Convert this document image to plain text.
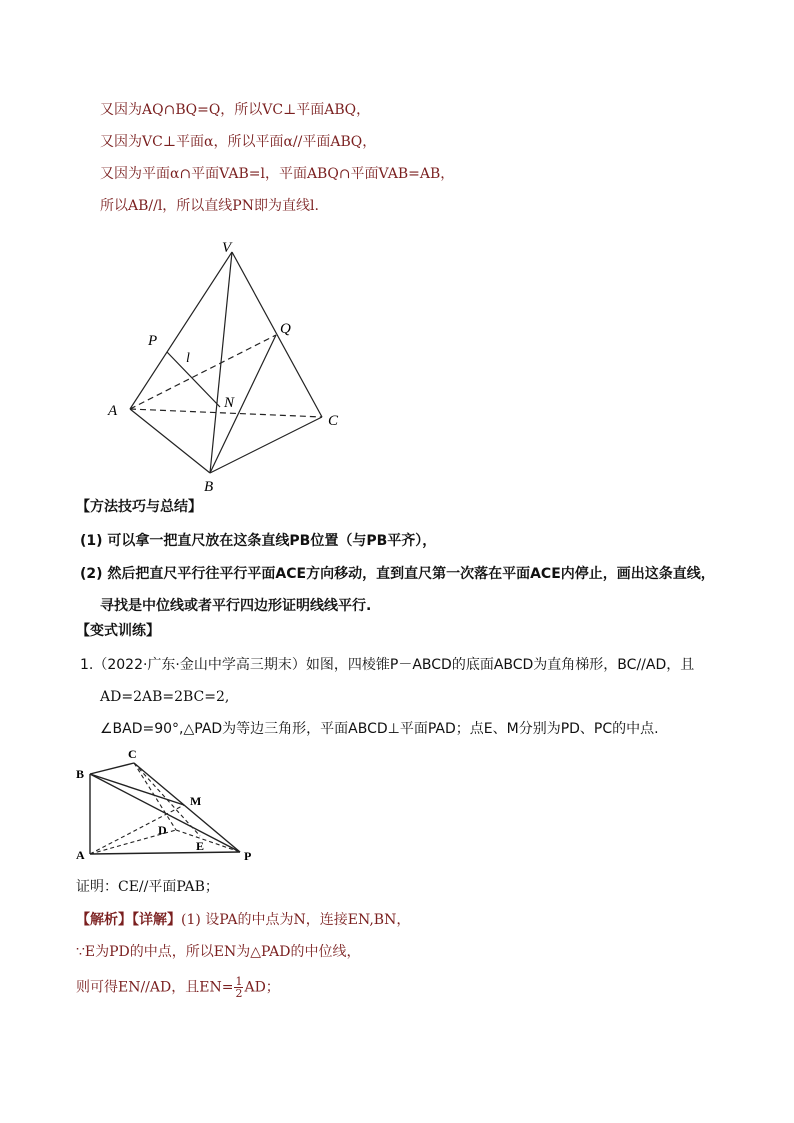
又因为AQ∩BQ=Q，所以VC⊥平面ABQ，
又因为VC⊥平面α，所以平面α//平面ABQ，
又因为平面α∩平面VAB=l，平面ABQ∩平面VAB=AB，
所以AB//l，所以直线PN即为直线l.
V
Q
P
l
N
A
C
B
【方法技巧与总结】
(1) 可以拿一把直尺放在这条直线PB位置（与PB平齐），
(2) 然后把直尺平行往平行平面ACE方向移动，直到直尺第一次落在平面ACE内停止，画出这条直线，
寻找是中位线或者平行四边形证明线线平行.
【变式训练】
1.（2022·广东·金山中学高三期末）如图，四棱锥P－ABCD的底面ABCD为直角梯形，BC//AD，且
AD=2AB=2BC=2,
∠BAD=90°,△PAD为等边三角形，平面ABCD⊥平面PAD；点E、M分别为PD、PC的中点.
C
B
M
D
A
E
P
证明：CE//平面PAB；
【解析】【详解】(1) 设PA的中点为N，连接EN,BN，
∵E为PD的中点，所以EN为△PAD的中位线，
则可得EN//AD，且$EN= \frac{1}{2}$ AD；
